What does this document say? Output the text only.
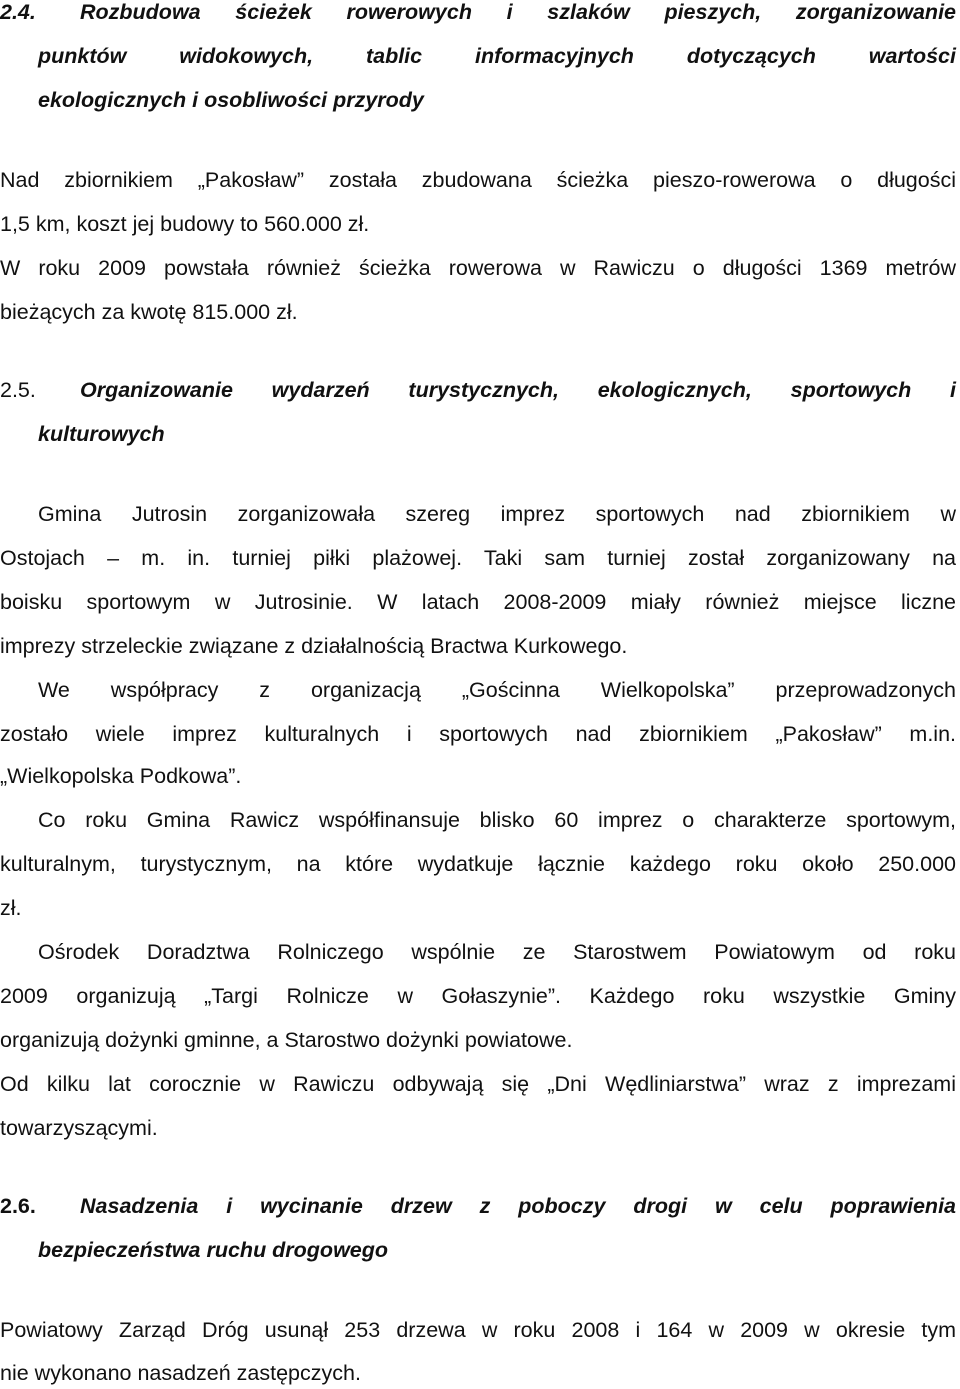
2.4. Rozbudowa ścieżek rowerowych i szlaków pieszych, zorganizowanie
punktów widokowych, tablic informacyjnych dotyczących wartości
ekologicznych i osobliwości przyrody
Nad zbiornikiem „Pakosław” została zbudowana ścieżka pieszo-rowerowa o długości
1,5 km, koszt jej budowy to 560.000 zł.
W roku 2009 powstała również ścieżka rowerowa w Rawiczu o długości 1369 metrów
bieżących za kwotę 815.000 zł.
2.5. Organizowanie wydarzeń turystycznych, ekologicznych, sportowych i
kulturowych
Gmina Jutrosin zorganizowała szereg imprez sportowych nad zbiornikiem w
Ostojach – m. in. turniej piłki plażowej. Taki sam turniej został zorganizowany na
boisku sportowym w Jutrosinie. W latach 2008-2009 miały również miejsce liczne
imprezy strzeleckie związane z działalnością Bractwa Kurkowego.
We współpracy z organizacją „Gościnna Wielkopolska” przeprowadzonych
zostało wiele imprez kulturalnych i sportowych nad zbiornikiem „Pakosław” m.in.
„Wielkopolska Podkowa”.
Co roku Gmina Rawicz współfinansuje blisko 60 imprez o charakterze sportowym,
kulturalnym, turystycznym, na które wydatkuje łącznie każdego roku około 250.000
zł.
Ośrodek Doradztwa Rolniczego wspólnie ze Starostwem Powiatowym od roku
2009 organizują „Targi Rolnicze w Gołaszynie”. Każdego roku wszystkie Gminy
organizują dożynki gminne, a Starostwo dożynki powiatowe.
Od kilku lat corocznie w Rawiczu odbywają się „Dni Wędliniarstwa” wraz z imprezami
towarzyszącymi.
2.6. Nasadzenia i wycinanie drzew z poboczy drogi w celu poprawienia
bezpieczeństwa ruchu drogowego
Powiatowy Zarząd Dróg usunął 253 drzewa w roku 2008 i 164 w 2009 w okresie tym
nie wykonano nasadzeń zastępczych.
